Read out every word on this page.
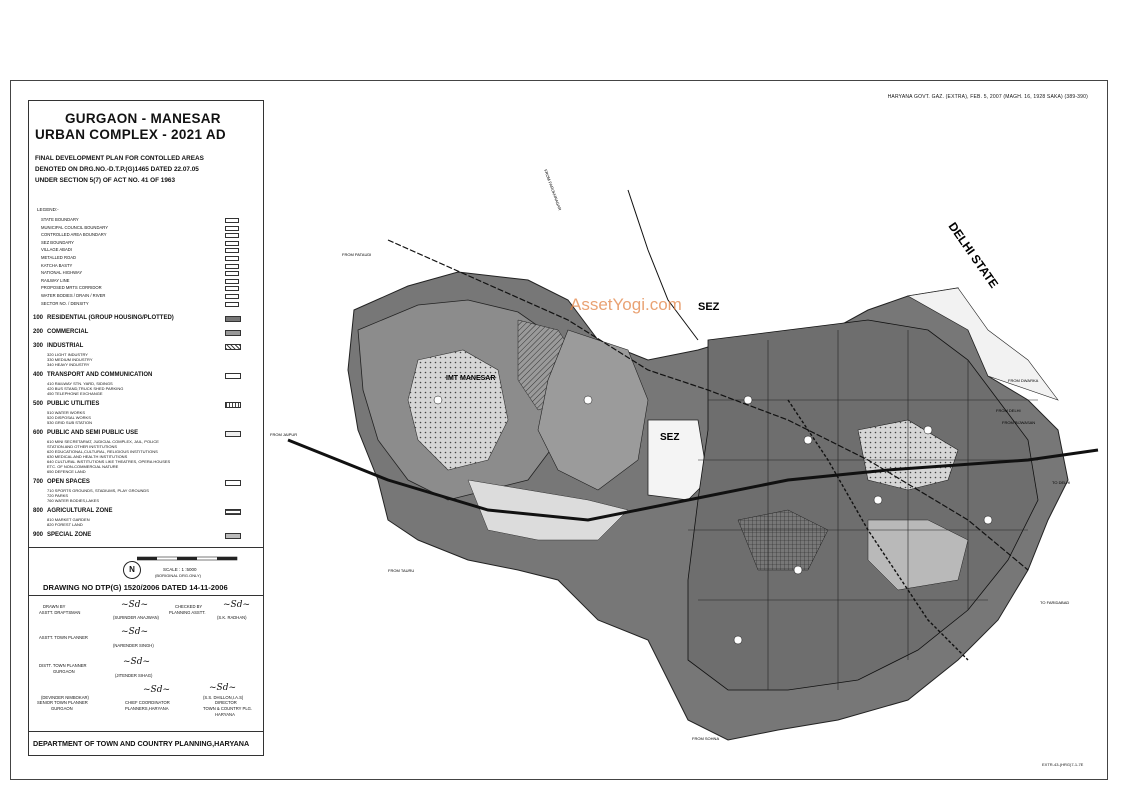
HARYANA GOVT. GAZ. (EXTRA), FEB. 5, 2007 (MAGH. 16, 1928 SAKA) (389-390)
GURGAON - MANESAR
URBAN COMPLEX - 2021 AD
FINAL DEVELOPMENT PLAN FOR CONTOLLED AREAS
DENOTED ON DRG.NO.-D.T.P.(G)1465 DATED 22.07.05
UNDER SECTION 5(7) OF ACT NO. 41 OF 1963
LEGEND:-
STATE BOUNDARY
MUNICIPAL COUNCIL BOUNDARY
CONTROLLED AREA BOUNDARY
SEZ BOUNDARY
VILLAGE ABADI
METALLED ROAD
KATCHA BASTY
NATIONAL HIGHWAY
RAILWAY LINE
PROPOSED MRTS CORRIDOR
WATER BODIES / DRAIN / RIVER
SECTOR NO. / DENSITY
100 RESIDENTIAL (GROUP HOUSING/PLOTTED)
200 COMMERCIAL
300 INDUSTRIAL
320 LIGHT INDUSTRY
330 MEDIUM INDUSTRY
340 HEAVY INDUSTRY
400 TRANSPORT AND COMMUNICATION
410 RAILWAY STN. YARD, SIDINGS
420 BUS STAND,TRUCK SHED PARKING
450 TELEPHONE EXCHANGE
500 PUBLIC UTILITIES
510 WATER WORKS
520 DISPOSAL WORKS
530 GRID SUB STATION
600 PUBLIC AND SEMI PUBLIC USE
610 MINI SECRETARIAT, JUDICIAL COMPLEX, JAIL, POLICE
STATION AND OTHER INSTITUTIONS
620 EDUCATIONAL,CULTURAL, RELIGIOUS INSTITUTIONS
630 MEDICAL AND HEALTH INSTITUTIONS
640 CULTURAL INSTITUTIONS LIKE THEATRES, OPERA HOUSES
ETC. OF NON-COMMERCIAL NATURE
650 DEFENCE LAND
700 OPEN SPACES
710 SPORTS GROUNDS, STADIUMS, PLAY GROUNDS
720 PARKS
760 WATER BODIES,LAKES
800 AGRICULTURAL ZONE
810 MARKET GARDEN
820 FOREST LAND
900 SPECIAL ZONE
N	SCALE : 1 :5000
(BORIGINAL DRG.ONLY)
DRAWING NO DTP(G) 1520/2006 DATED 14-11-2006
DRAWN BY
ASSTT. DRAFTSMAN
~Sd~
(SURINDER ANAJWAN)
CHECKED BY
PLANNING ASSTT.
~Sd~
(S.K. RADHAN)
ASSTT. TOWN PLANNER
~Sd~
(NARENDER SINGH)
DISTT. TOWN PLANNER
GURGAON
~Sd~
(JITENDER SIHAG)
(DEVINDER NIMBOKAR)
SENIOR TOWN PLANNER
GURGAON
~Sd~
CHIEF COORDINATOR
PLANNERS,HARYANA
~Sd~
(S.S. DHILLON,I.A.S)
DIRECTOR
TOWN & COUNTRY PLG.
HARYANA
DEPARTMENT OF TOWN AND COUNTRY PLANNING,HARYANA
DELHI STATE
SEZ
SEZ
IMT MANESAR
AssetYogi.com
FROM PATAUDI
FROM JAIPUR
FROM FARUKHNAGAR
FROM DWARKA
FROM DELHI
FROM BIJWASAN
TO DELHI
TO FARIDABAD
FROM TAURU
FROM SOHNA
EXTR-43-(HRG)7-1-7E
